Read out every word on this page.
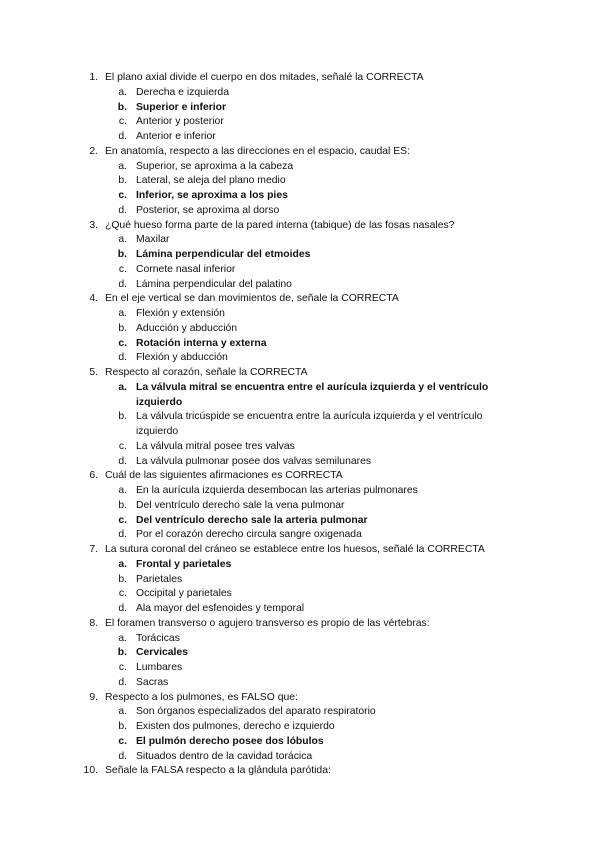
1. El plano axial divide el cuerpo en dos mitades, señalé la CORRECTA
a. Derecha e izquierda
b. Superior e inferior
c. Anterior y posterior
d. Anterior e inferior
2. En anatomía, respecto a las direcciones en el espacio, caudal ES:
a. Superior, se aproxima a la cabeza
b. Lateral, se aleja del plano medio
c. Inferior, se aproxima a los pies
d. Posterior, se aproxima al dorso
3. ¿Qué hueso forma parte de la pared interna (tabique) de las fosas nasales?
a. Maxilar
b. Lámina perpendicular del etmoides
c. Cornete nasal inferior
d. Lámina perpendicular del palatino
4. En el eje vertical se dan movimientos de, señale la CORRECTA
a. Flexión y extensión
b. Aducción y abducción
c. Rotación interna y externa
d. Flexión y abducción
5. Respecto al corazón, señale la CORRECTA
a. La válvula mitral se encuentra entre el aurícula izquierda y el ventrículo izquierdo
b. La válvula tricúspide se encuentra entre la aurícula izquierda y el ventrículo izquierdo
c. La válvula mitral posee tres valvas
d. La válvula pulmonar posee dos valvas semilunares
6. Cuál de las siguientes afirmaciones es CORRECTA
a. En la aurícula izquierda desembocan las arterias pulmonares
b. Del ventrículo derecho sale la vena pulmonar
c. Del ventrículo derecho sale la arteria pulmonar
d. Por el corazón derecho circula sangre oxigenada
7. La sutura coronal del cráneo se establece entre los huesos, señalé la CORRECTA
a. Frontal y parietales
b. Parietales
c. Occipital y parietales
d. Ala mayor del esfenoides y temporal
8. El foramen transverso o agujero transverso es propio de las vértebras:
a. Torácicas
b. Cervicales
c. Lumbares
d. Sacras
9. Respecto a los pulmones, es FALSO que:
a. Son órganos especializados del aparato respiratorio
b. Existen dos pulmones, derecho e izquierdo
c. El pulmón derecho posee dos lóbulos
d. Situados dentro de la cavidad torácica
10. Señale la FALSA respecto a la glándula parótida:
